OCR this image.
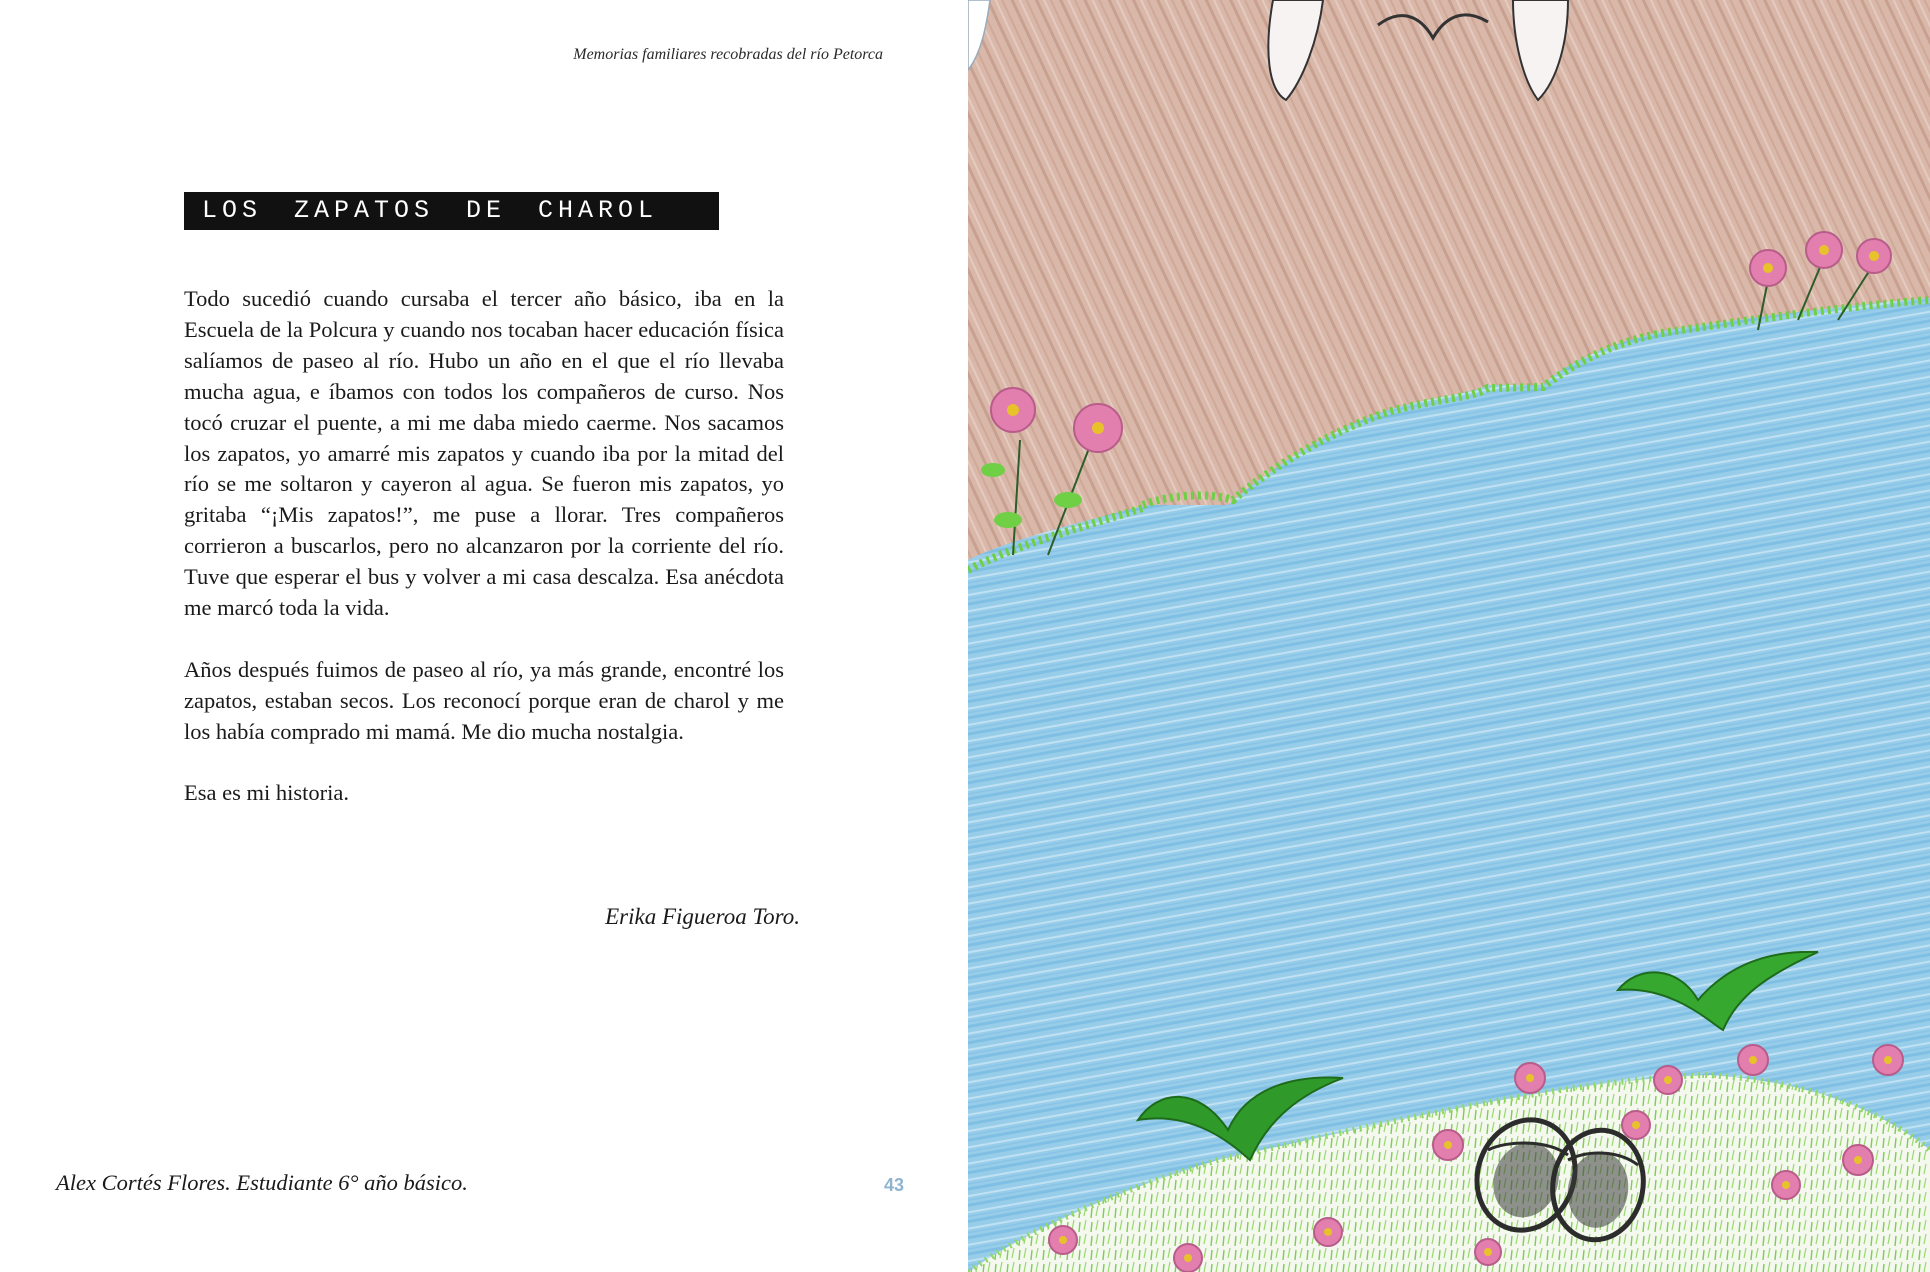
Memorias familiares recobradas del río Petorca
LOS ZAPATOS DE CHAROL

Todo sucedió cuando cursaba el tercer año básico, iba en la Escuela de la Polcura y cuando nos tocaban hacer educación física salíamos de paseo al río. Hubo un año en el que el río llevaba mucha agua, e íbamos con todos los compañeros de curso. Nos tocó cruzar el puente, a mi me daba miedo caerme. Nos sacamos los zapatos, yo amarré mis zapatos y cuando iba por la mitad del río se me soltaron y cayeron al agua. Se fueron mis zapatos, yo gritaba “¡Mis zapatos!”, me puse a llorar. Tres compañeros corrieron a buscarlos, pero no alcanzaron por la corriente del río. Tuve que esperar el bus y volver a mi casa descalza. Esa anécdota me marcó toda la vida.

Años después fuimos de paseo al río, ya más grande, encontré los zapatos, estaban secos. Los reconocí porque eran de charol y me los había comprado mi mamá. Me dio mucha nostalgia.

Esa es mi historia.

Erika Figueroa Toro.
Alex Cortés Flores. Estudiante 6° año básico.	43
